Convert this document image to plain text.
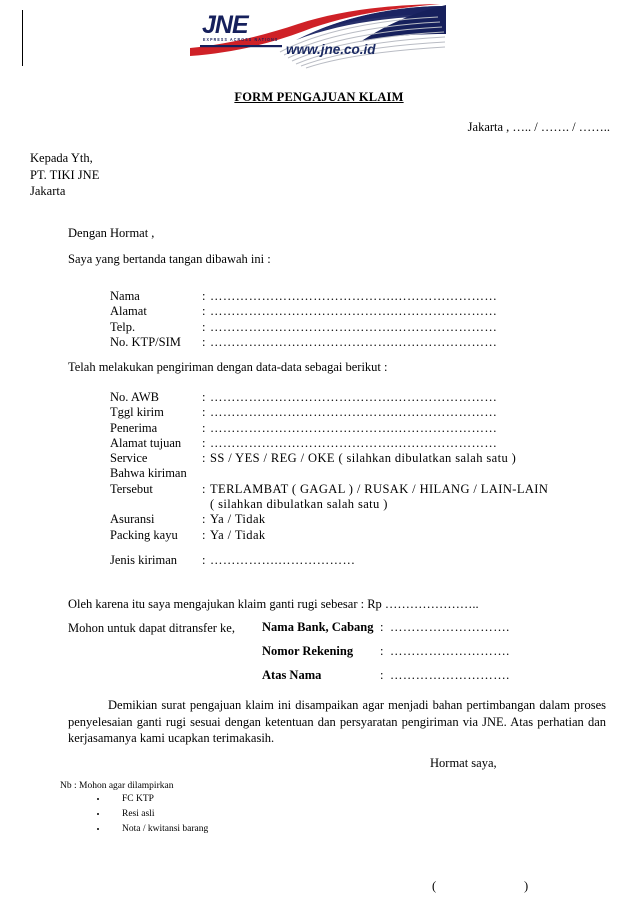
JNE
EXPRESS ACROSS NATIONS
www.jne.co.id
FORM PENGAJUAN KLAIM
Jakarta , ….. / ……. / ……..
Kepada Yth,
PT. TIKI JNE
Jakarta
Dengan Hormat ,
Saya yang bertanda tangan dibawah ini :
Nama	:	…………………………………….……………………
Alamat	:	…………………………………….……………………
Telp.	:	…………………………………….……………………
No. KTP/SIM	:	…………………………………….……………………
Telah melakukan pengiriman dengan data-data sebagai berikut :
No. AWB	:	…………………………………….……………………
Tggl kirim	:	…………………………………….……………………
Penerima	:	…………………………………….……………………
Alamat tujuan	:	…………………………………….……………………
Service	:	SS / YES / REG / OKE ( silahkan dibulatkan salah satu )
Bahwa kiriman		
Tersebut	:	TERLAMBAT ( GAGAL ) / RUSAK / HILANG / LAIN-LAIN
		( silahkan dibulatkan salah satu )
Asuransi	:	Ya / Tidak
Packing kayu	:	Ya / Tidak
Jenis kiriman	:	…………….………………
Oleh karena itu saya mengajukan klaim ganti rugi sebesar : Rp …………………..
Mohon untuk dapat ditransfer ke, Nama Bank, Cabang	:	……………………….
Nomor Rekening	:	……………………….
Atas Nama	:	……………………….
Demikian surat pengajuan klaim ini disampaikan agar menjadi bahan pertimbangan dalam proses penyelesaian ganti rugi sesuai dengan ketentuan dan persyaratan pengiriman via JNE. Atas perhatian dan kerjasamanya kami ucapkan terimakasih.
Hormat saya,
Nb : Mohon agar dilampirkan
• FC KTP
• Resi asli
• Nota / kwitansi barang
(	)
